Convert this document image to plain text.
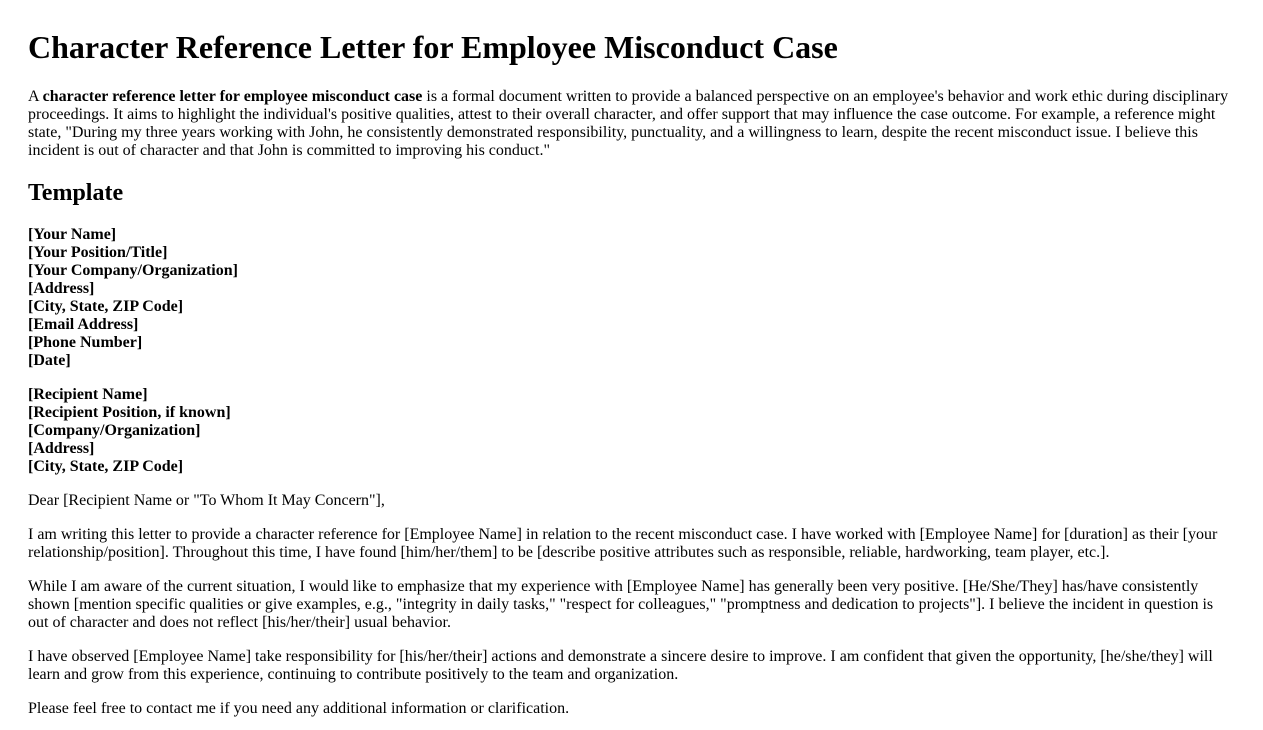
Character Reference Letter for Employee Misconduct Case

A character reference letter for employee misconduct case is a formal document written to provide a balanced perspective on an employee's behavior and work ethic during disciplinary proceedings. It aims to highlight the individual's positive qualities, attest to their overall character, and offer support that may influence the case outcome. For example, a reference might state, "During my three years working with John, he consistently demonstrated responsibility, punctuality, and a willingness to learn, despite the recent misconduct issue. I believe this incident is out of character and that John is committed to improving his conduct."

Template
[Your Name]
[Your Position/Title]
[Your Company/Organization]
[Address]
[City, State, ZIP Code]
[Email Address]
[Phone Number]
[Date]
[Recipient Name]
[Recipient Position, if known]
[Company/Organization]
[Address]
[City, State, ZIP Code]

Dear [Recipient Name or "To Whom It May Concern"],

I am writing this letter to provide a character reference for [Employee Name] in relation to the recent misconduct case. I have worked with [Employee Name] for [duration] as their [your relationship/position]. Throughout this time, I have found [him/her/them] to be [describe positive attributes such as responsible, reliable, hardworking, team player, etc.].

While I am aware of the current situation, I would like to emphasize that my experience with [Employee Name] has generally been very positive. [He/She/They] has/have consistently shown [mention specific qualities or give examples, e.g., "integrity in daily tasks," "respect for colleagues," "promptness and dedication to projects"]. I believe the incident in question is out of character and does not reflect [his/her/their] usual behavior.

I have observed [Employee Name] take responsibility for [his/her/their] actions and demonstrate a sincere desire to improve. I am confident that given the opportunity, [he/she/they] will learn and grow from this experience, continuing to contribute positively to the team and organization.

Please feel free to contact me if you need any additional information or clarification.
